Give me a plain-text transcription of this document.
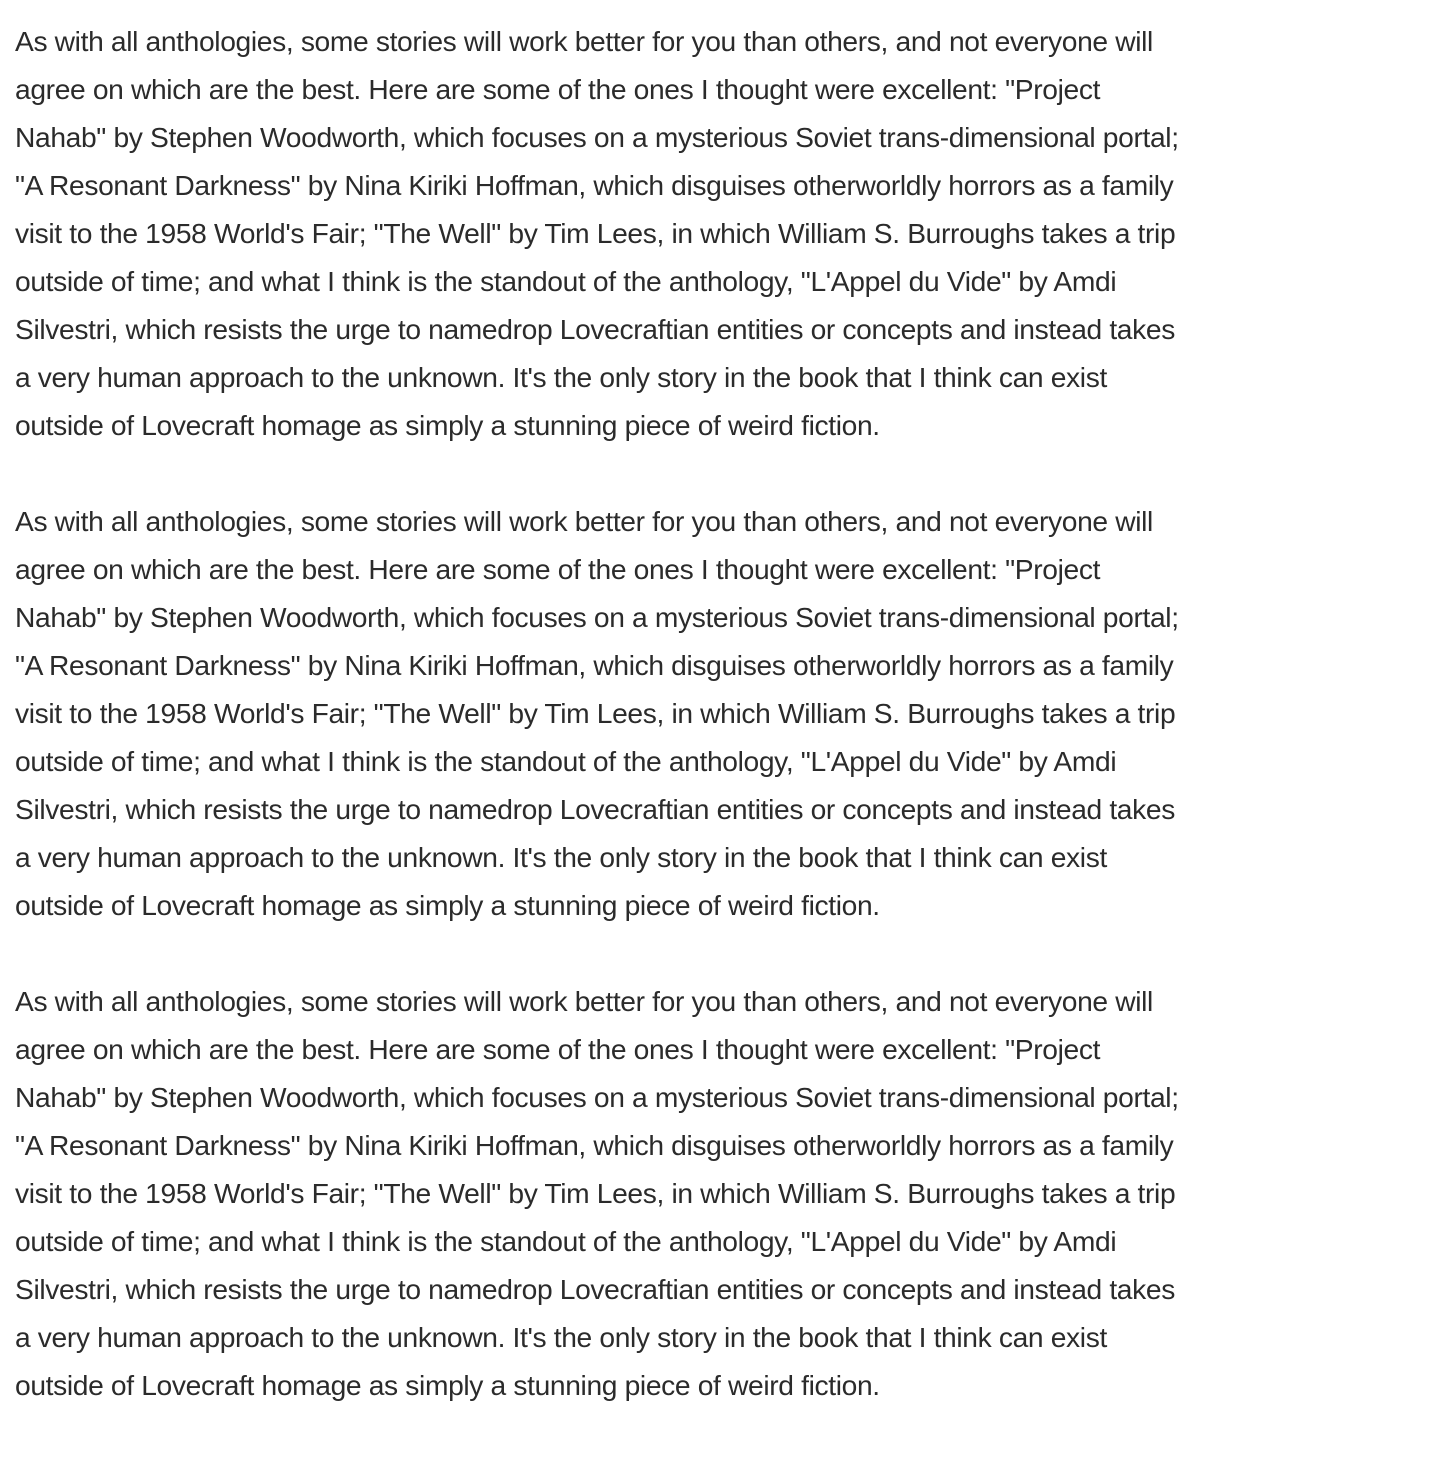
As with all anthologies, some stories will work better for you than others, and not everyone will
agree on which are the best. Here are some of the ones I thought were excellent: "Project
Nahab" by Stephen Woodworth, which focuses on a mysterious Soviet trans-dimensional portal;
"A Resonant Darkness" by Nina Kiriki Hoffman, which disguises otherworldly horrors as a family
visit to the 1958 World's Fair; "The Well" by Tim Lees, in which William S. Burroughs takes a trip
outside of time; and what I think is the standout of the anthology, "L'Appel du Vide" by Amdi
Silvestri, which resists the urge to namedrop Lovecraftian entities or concepts and instead takes
a very human approach to the unknown. It's the only story in the book that I think can exist
outside of Lovecraft homage as simply a stunning piece of weird fiction.
As with all anthologies, some stories will work better for you than others, and not everyone will
agree on which are the best. Here are some of the ones I thought were excellent: "Project
Nahab" by Stephen Woodworth, which focuses on a mysterious Soviet trans-dimensional portal;
"A Resonant Darkness" by Nina Kiriki Hoffman, which disguises otherworldly horrors as a family
visit to the 1958 World's Fair; "The Well" by Tim Lees, in which William S. Burroughs takes a trip
outside of time; and what I think is the standout of the anthology, "L'Appel du Vide" by Amdi
Silvestri, which resists the urge to namedrop Lovecraftian entities or concepts and instead takes
a very human approach to the unknown. It's the only story in the book that I think can exist
outside of Lovecraft homage as simply a stunning piece of weird fiction.
As with all anthologies, some stories will work better for you than others, and not everyone will
agree on which are the best. Here are some of the ones I thought were excellent: "Project
Nahab" by Stephen Woodworth, which focuses on a mysterious Soviet trans-dimensional portal;
"A Resonant Darkness" by Nina Kiriki Hoffman, which disguises otherworldly horrors as a family
visit to the 1958 World's Fair; "The Well" by Tim Lees, in which William S. Burroughs takes a trip
outside of time; and what I think is the standout of the anthology, "L'Appel du Vide" by Amdi
Silvestri, which resists the urge to namedrop Lovecraftian entities or concepts and instead takes
a very human approach to the unknown. It's the only story in the book that I think can exist
outside of Lovecraft homage as simply a stunning piece of weird fiction.
